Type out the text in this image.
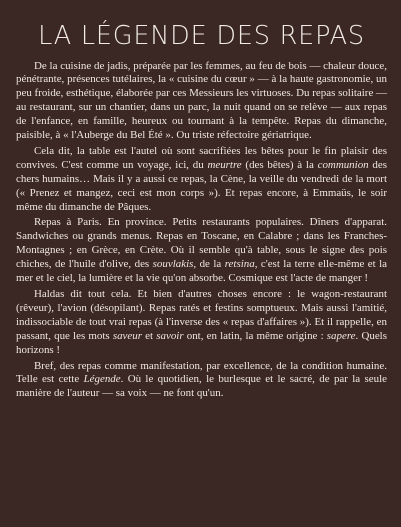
LA LÉGENDE DES REPAS

De la cuisine de jadis, préparée par les femmes, au feu de bois — chaleur douce, pénétrante, présences tutélaires, la « cuisine du cœur » — à la haute gastronomie, un peu froide, esthétique, élaborée par ces Messieurs les virtuoses. Du repas solitaire — au restaurant, sur un chantier, dans un parc, la nuit quand on se relève — aux repas de l'enfance, en famille, heureux ou tournant à la tempête. Repas du dimanche, paisible, à « l'Auberge du Bel Été ». Ou triste réfectoire gériatrique.

Cela dit, la table est l'autel où sont sacrifiées les bêtes pour le fin plaisir des convives. C'est comme un voyage, ici, du meurtre (des bêtes) à la communion des chers humains… Mais il y a aussi ce repas, la Cène, la veille du vendredi de la mort (« Prenez et mangez, ceci est mon corps »). Et repas encore, à Emmaüs, le soir même du dimanche de Pâques.

Repas à Paris. En province. Petits restaurants populaires. Dîners d'apparat. Sandwiches ou grands menus. Repas en Toscane, en Calabre ; dans les Franches-Montagnes ; en Grèce, en Crète. Où il semble qu'à table, sous le signe des pois chiches, de l'huile d'olive, des souvlakis, de la retsina, c'est la terre elle-même et la mer et le ciel, la lumière et la vie qu'on absorbe. Cosmique est l'acte de manger !

Haldas dit tout cela. Et bien d'autres choses encore : le wagon-restaurant (rêveur), l'avion (désopilant). Repas ratés et festins somptueux. Mais aussi l'amitié, indissociable de tout vrai repas (à l'inverse des « repas d'affaires »). Et il rappelle, en passant, que les mots saveur et savoir ont, en latin, la même origine : sapere. Quels horizons !

Bref, des repas comme manifestation, par excellence, de la condition humaine. Telle est cette Légende. Où le quotidien, le burlesque et le sacré, de par la seule manière de l'auteur — sa voix — ne font qu'un.
